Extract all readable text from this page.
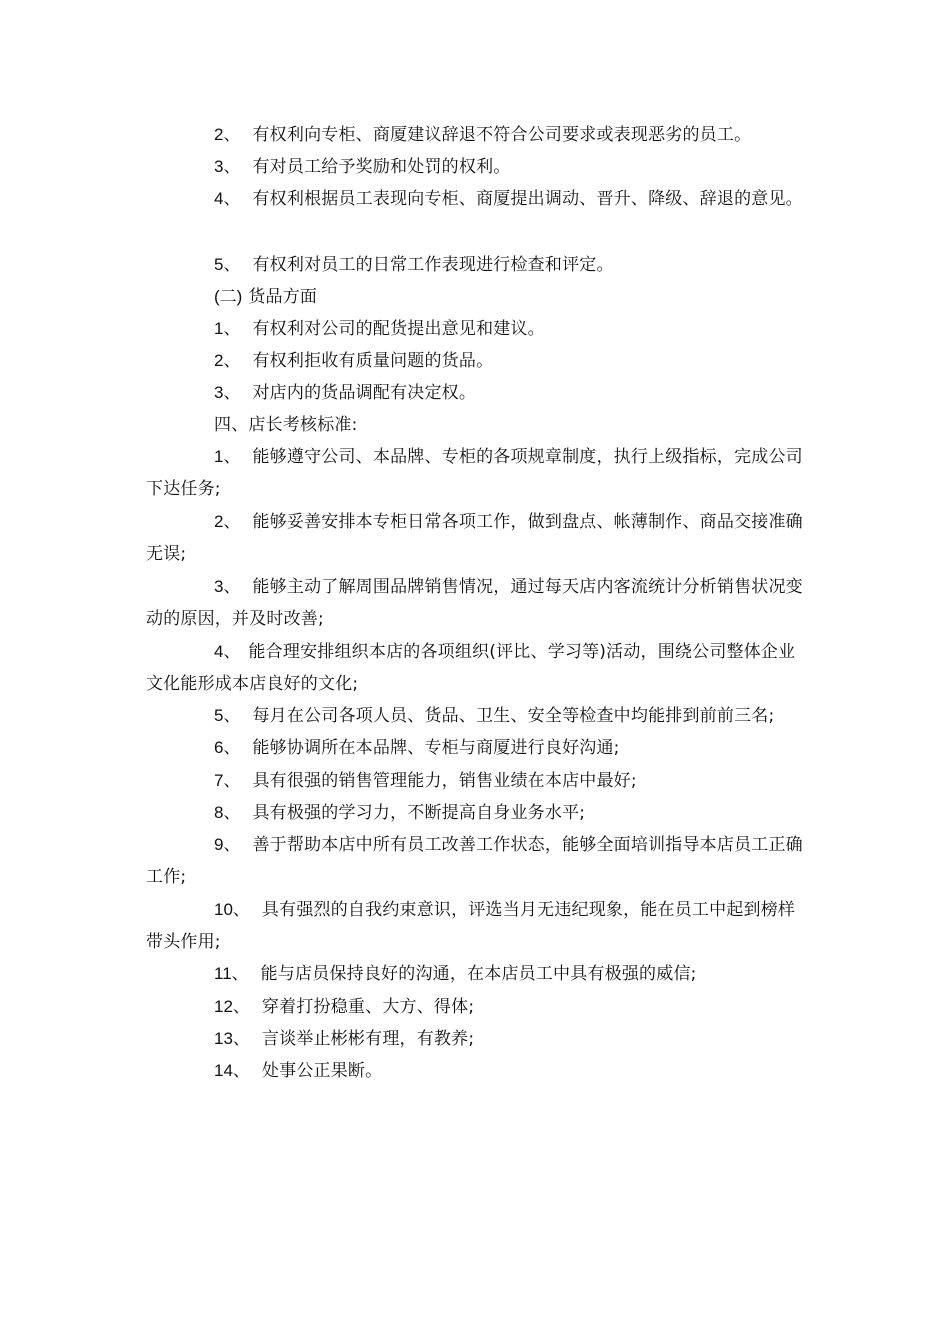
2、 有权利向专柜、商厦建议辞退不符合公司要求或表现恶劣的员工。

3、 有对员工给予奖励和处罚的权利。

4、 有权利根据员工表现向专柜、商厦提出调动、晋升、降级、辞退的意见。

5、 有权利对员工的日常工作表现进行检查和评定。

(二) 货品方面

1、 有权利对公司的配货提出意见和建议。

2、 有权利拒收有质量问题的货品。

3、 对店内的货品调配有决定权。

四、店长考核标准:

1、 能够遵守公司、本品牌、专柜的各项规章制度，执行上级指标，完成公司下达任务;

2、 能够妥善安排本专柜日常各项工作，做到盘点、帐薄制作、商品交接准确无误;

3、 能够主动了解周围品牌销售情况，通过每天店内客流统计分析销售状况变动的原因，并及时改善;

4、 能合理安排组织本店的各项组织(评比、学习等)活动，围绕公司整体企业文化能形成本店良好的文化;

5、 每月在公司各项人员、货品、卫生、安全等检查中均能排到前前三名;

6、 能够协调所在本品牌、专柜与商厦进行良好沟通;

7、 具有很强的销售管理能力，销售业绩在本店中最好;

8、 具有极强的学习力，不断提高自身业务水平;

9、 善于帮助本店中所有员工改善工作状态，能够全面培训指导本店员工正确工作;

10、 具有强烈的自我约束意识，评选当月无违纪现象，能在员工中起到榜样带头作用;

11、 能与店员保持良好的沟通，在本店员工中具有极强的威信;

12、 穿着打扮稳重、大方、得体;

13、 言谈举止彬彬有理，有教养;

14、 处事公正果断。
